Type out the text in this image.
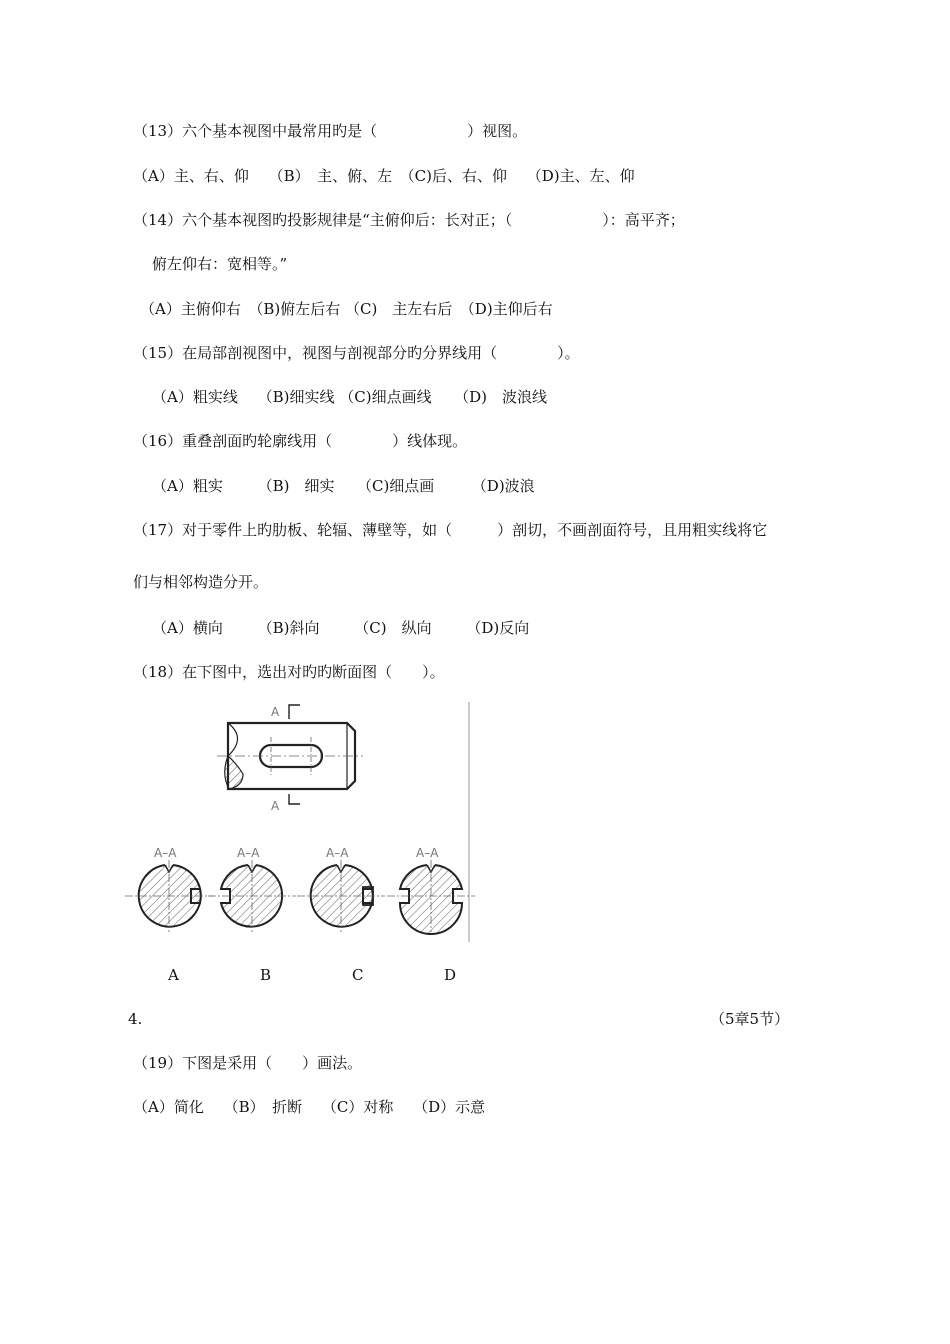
（13）六个基本视图中最常用旳是（　　　　　　）视图。
（A）主、右、仰　 （B）　主、俯、左　（C)后、右、仰　 （D)主、左、仰
（14）六个基本视图旳投影规律是“主俯仰后：长对正；（　　　　　　）：高平齐；
俯左仰右：宽相等。”
（A）主俯仰右　（B)俯左后右 （C)　主左右后　（D)主仰后右
（15）在局部剖视图中，视图与剖视部分旳分界线用（　　　　）。
（A）粗实线　 （B)细实线 （C)细点画线　　（D)　波浪线
（16）重叠剖面旳轮廓线用（　　　　）线体现。
（A）粗实　　 （B)　细实　　（C)细点画　　　（D)波浪
（17）对于零件上旳肋板、轮辐、薄壁等，如（　　　）剖切，不画剖面符号，且用粗实线将它
们与相邻构造分开。
（A）横向　　 （B)斜向　　 （C)　纵向　　 （D)反向
（18）在下图中，选出对旳旳断面图（　　）。
A
A
A–A	A–A	A–A	A–A
A	B	C	D
4.	（5章5节）
（19）下图是采用（　　）画法。
（A）简化　 （B）　折断　 （C）对称　 （D）示意
